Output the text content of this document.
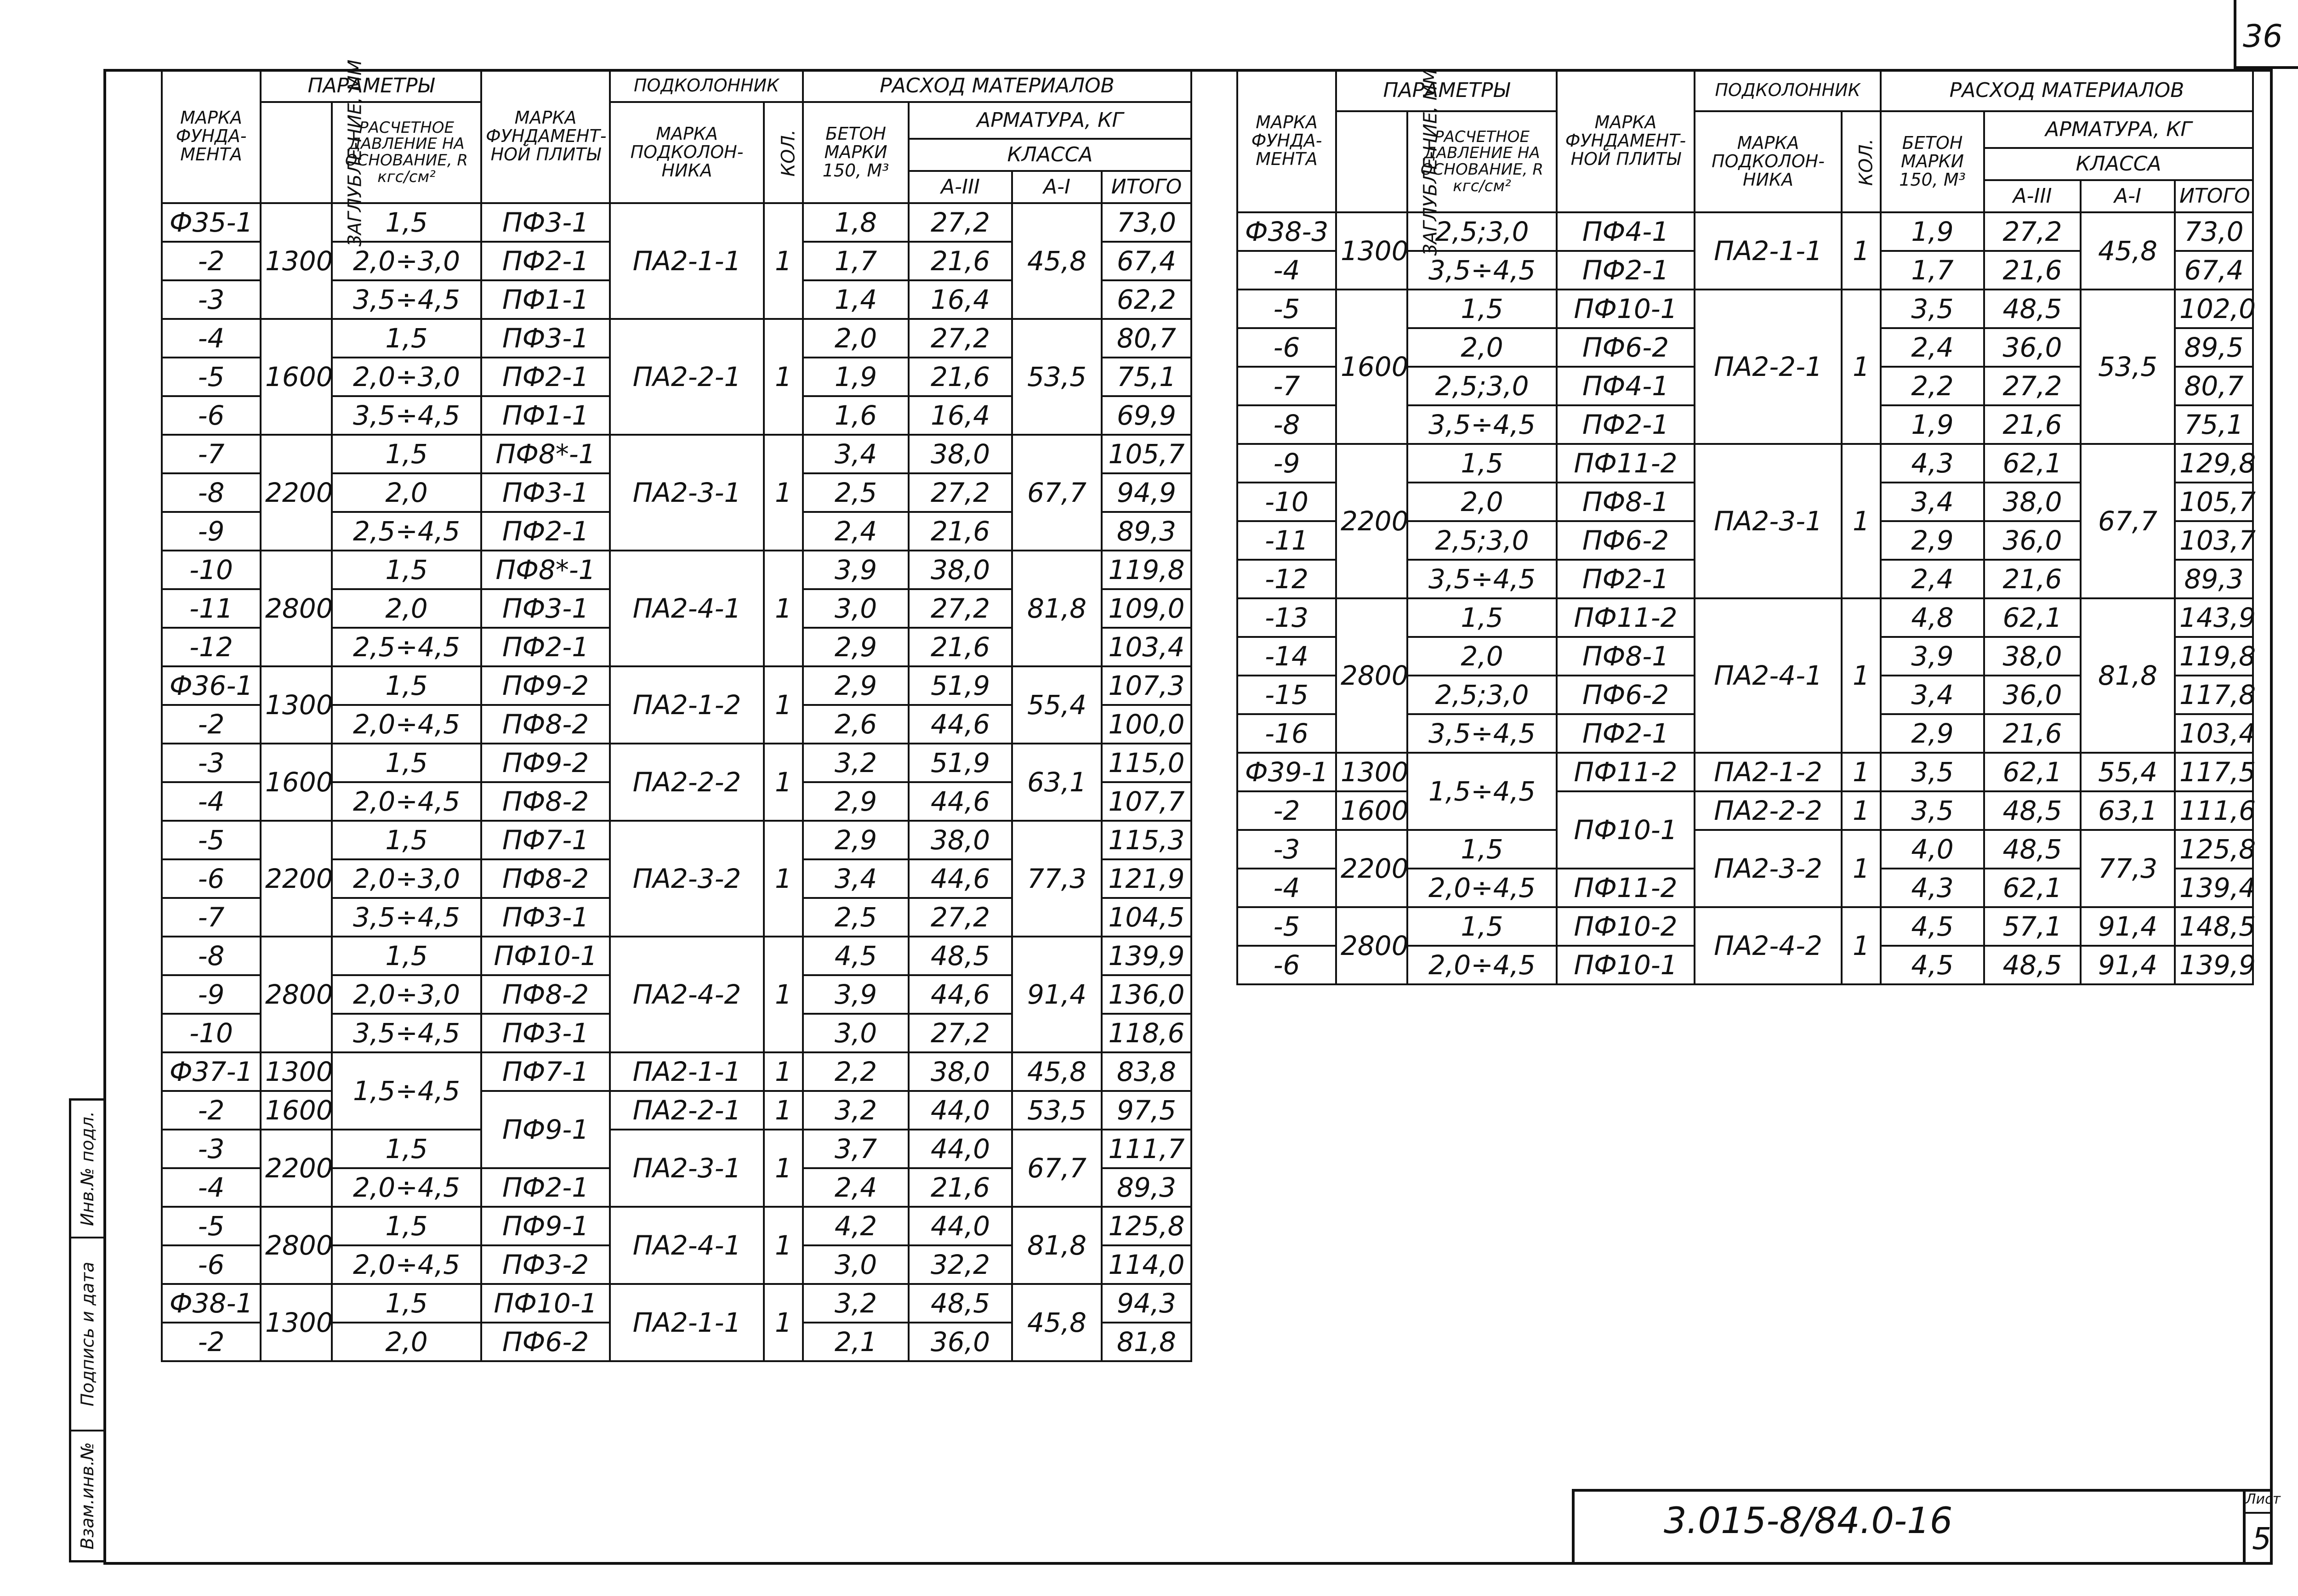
36
МАРКА ФУНДА-МЕНТА	ПАРАМЕТРЫ		МАРКА ФУНДАМЕНТ-НОЙ ПЛИТЫ	ПОДКОЛОННИК		РАСХОД МАТЕРИАЛОВ			
	ЗАГЛУБЛЕ-НИЕ, ММ	РАСЧЕТНОЕ ДАВЛЕНИЕ НА ОСНОВАНИЕ, R кгс/см²		МАРКА ПОДКОЛОН-НИКА	КОЛ.	БЕТОН МАРКИ 150, М³	АРМАТУРА, КГ		
							КЛАССА		
							А-III	А-I	ИТОГО
Ф35-1	1300	1,5	ПФ3-1	ПА2-1-1	1	1,8	27,2	45,8	73,0
-2		2,0÷3,0	ПФ2-1			1,7	21,6		67,4
-3		3,5÷4,5	ПФ1-1			1,4	16,4		62,2
-4	1600	1,5	ПФ3-1	ПА2-2-1	1	2,0	27,2	53,5	80,7
-5		2,0÷3,0	ПФ2-1			1,9	21,6		75,1
-6		3,5÷4,5	ПФ1-1			1,6	16,4		69,9
-7	2200	1,5	ПФ8*-1	ПА2-3-1	1	3,4	38,0	67,7	105,7
-8		2,0	ПФ3-1			2,5	27,2		94,9
-9		2,5÷4,5	ПФ2-1			2,4	21,6		89,3
-10	2800	1,5	ПФ8*-1	ПА2-4-1	1	3,9	38,0	81,8	119,8
-11		2,0	ПФ3-1			3,0	27,2		109,0
-12		2,5÷4,5	ПФ2-1			2,9	21,6		103,4
Ф36-1	1300	1,5	ПФ9-2	ПА2-1-2	1	2,9	51,9	55,4	107,3
-2		2,0÷4,5	ПФ8-2			2,6	44,6		100,0
-3	1600	1,5	ПФ9-2	ПА2-2-2	1	3,2	51,9	63,1	115,0
-4		2,0÷4,5	ПФ8-2			2,9	44,6		107,7
-5	2200	1,5	ПФ7-1	ПА2-3-2	1	2,9	38,0	77,3	115,3
-6		2,0÷3,0	ПФ8-2			3,4	44,6		121,9
-7		3,5÷4,5	ПФ3-1			2,5	27,2		104,5
-8	2800	1,5	ПФ10-1	ПА2-4-2	1	4,5	48,5	91,4	139,9
-9		2,0÷3,0	ПФ8-2			3,9	44,6		136,0
-10		3,5÷4,5	ПФ3-1			3,0	27,2		118,6
Ф37-1	1300	1,5÷4,5	ПФ7-1	ПА2-1-1	1	2,2	38,0	45,8	83,8
-2	1600		ПФ9-1	ПА2-2-1	1	3,2	44,0	53,5	97,5
-3	2200	1,5		ПА2-3-1	1	3,7	44,0	67,7	111,7
-4		2,0÷4,5	ПФ2-1			2,4	21,6		89,3
-5	2800	1,5	ПФ9-1	ПА2-4-1	1	4,2	44,0	81,8	125,8
-6		2,0÷4,5	ПФ3-2			3,0	32,2		114,0
Ф38-1	1300	1,5	ПФ10-1	ПА2-1-1	1	3,2	48,5	45,8	94,3
-2		2,0	ПФ6-2			2,1	36,0		81,8
МАРКА ФУНДА-МЕНТА	ПАРАМЕТРЫ		МАРКА ФУНДАМЕНТ-НОЙ ПЛИТЫ	ПОДКОЛОННИК		РАСХОД МАТЕРИАЛОВ			
	ЗАГЛУБЛЕ-НИЕ, ММ	РАСЧЕТНОЕ ДАВЛЕНИЕ НА ОСНОВАНИЕ, R кгс/см²		МАРКА ПОДКОЛОН-НИКА	КОЛ.	БЕТОН МАРКИ 150, М³	АРМАТУРА, КГ		
							КЛАССА		
							А-III	А-I	ИТОГО
Ф38-3	1300	2,5;3,0	ПФ4-1	ПА2-1-1	1	1,9	27,2	45,8	73,0
-4		3,5÷4,5	ПФ2-1			1,7	21,6		67,4
-5	1600	1,5	ПФ10-1	ПА2-2-1	1	3,5	48,5	53,5	102,0
-6		2,0	ПФ6-2			2,4	36,0		89,5
-7		2,5;3,0	ПФ4-1			2,2	27,2		80,7
-8		3,5÷4,5	ПФ2-1			1,9	21,6		75,1
-9	2200	1,5	ПФ11-2	ПА2-3-1	1	4,3	62,1	67,7	129,8
-10		2,0	ПФ8-1			3,4	38,0		105,7
-11		2,5;3,0	ПФ6-2			2,9	36,0		103,7
-12		3,5÷4,5	ПФ2-1			2,4	21,6		89,3
-13	2800	1,5	ПФ11-2	ПА2-4-1	1	4,8	62,1	81,8	143,9
-14		2,0	ПФ8-1			3,9	38,0		119,8
-15		2,5;3,0	ПФ6-2			3,4	36,0		117,8
-16		3,5÷4,5	ПФ2-1			2,9	21,6		103,4
Ф39-1	1300	1,5÷4,5	ПФ11-2	ПА2-1-2	1	3,5	62,1	55,4	117,5
-2	1600		ПФ10-1	ПА2-2-2	1	3,5	48,5	63,1	111,6
-3	2200	1,5		ПА2-3-2	1	4,0	48,5	77,3	125,8
-4		2,0÷4,5	ПФ11-2			4,3	62,1		139,4
-5	2800	1,5	ПФ10-2	ПА2-4-2	1	4,5	57,1	91,4	148,5
-6		2,0÷4,5	ПФ10-1			4,5	48,5	91,4	139,9
Инв.№ подл.
Подпись и дата
Взам.инв.№	3.015-8/84.0-16
Лист
5
